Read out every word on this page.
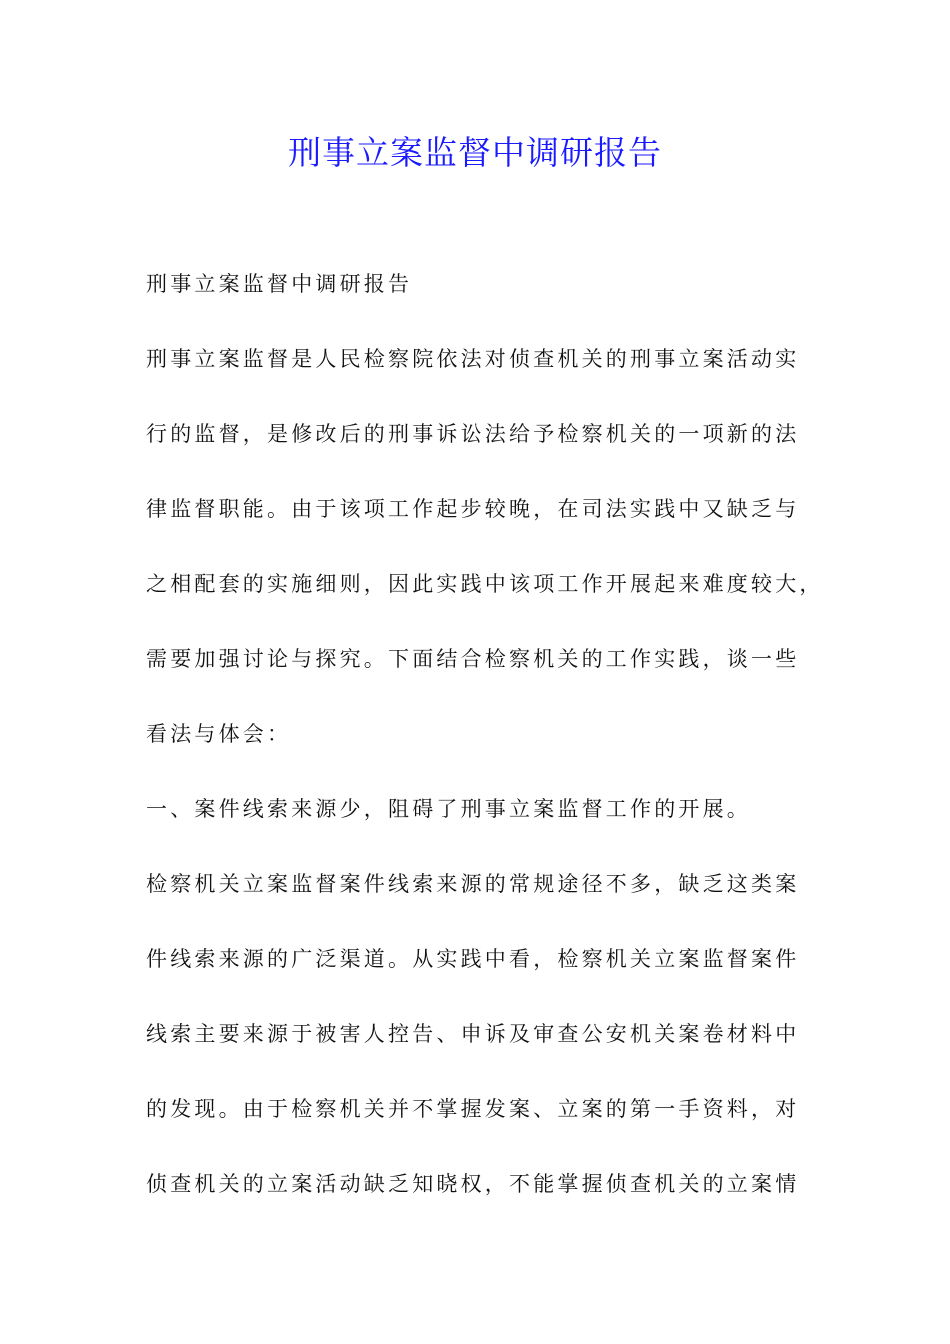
刑事立案监督中调研报告

刑事立案监督中调研报告

刑事立案监督是人民检察院依法对侦查机关的刑事立案活动实

行的监督，是修改后的刑事诉讼法给予检察机关的一项新的法

律监督职能。由于该项工作起步较晚，在司法实践中又缺乏与

之相配套的实施细则，因此实践中该项工作开展起来难度较大，

需要加强讨论与探究。下面结合检察机关的工作实践，谈一些

看法与体会：

一、案件线索来源少，阻碍了刑事立案监督工作的开展。

检察机关立案监督案件线索来源的常规途径不多，缺乏这类案

件线索来源的广泛渠道。从实践中看，检察机关立案监督案件

线索主要来源于被害人控告、申诉及审查公安机关案卷材料中

的发现。由于检察机关并不掌握发案、立案的第一手资料，对

侦查机关的立案活动缺乏知晓权，不能掌握侦查机关的立案情
